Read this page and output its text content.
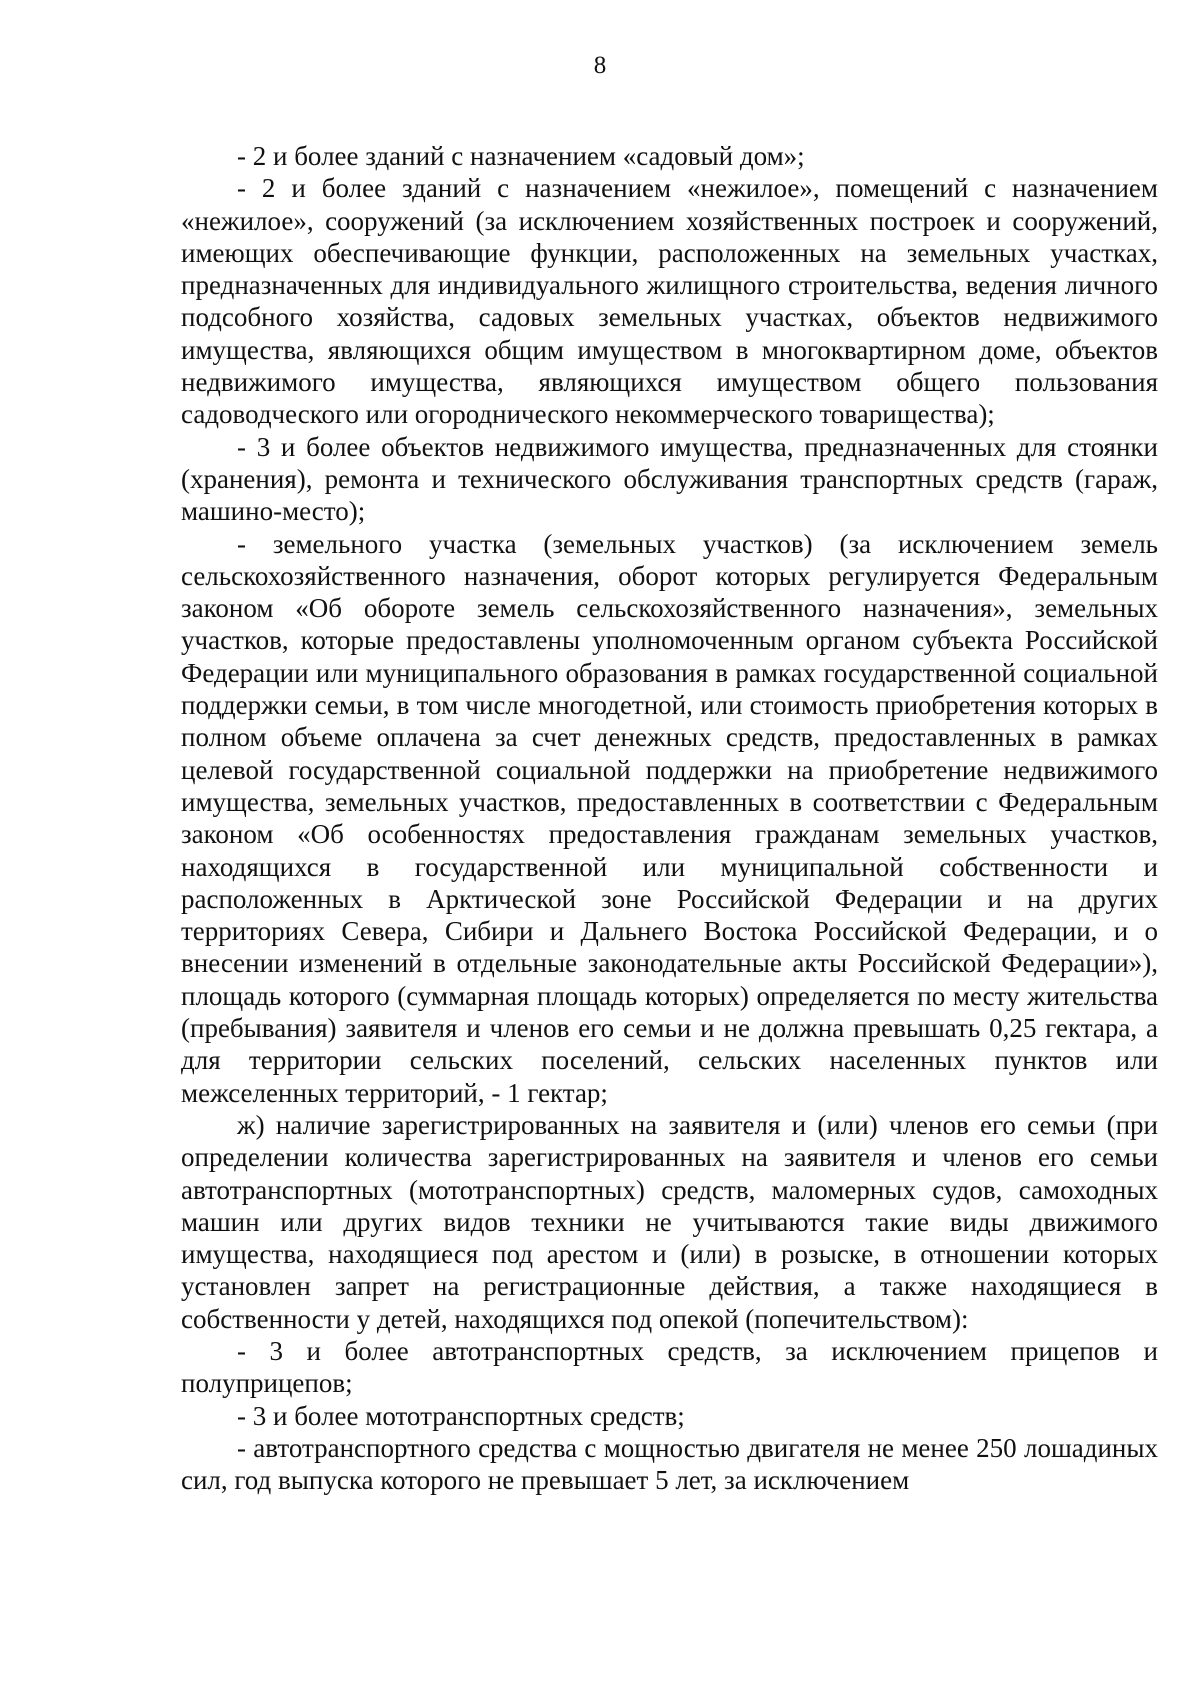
8

- 2 и более зданий с назначением «садовый дом»;

- 2 и более зданий с назначением «нежилое», помещений с назначением «нежилое», сооружений (за исключением хозяйственных построек и сооружений, имеющих обеспечивающие функции, расположенных на земельных участках, предназначенных для индивидуального жилищного строительства, ведения личного подсобного хозяйства, садовых земельных участках, объектов недвижимого имущества, являющихся общим имуществом в многоквартирном доме, объектов недвижимого имущества, являющихся имуществом общего пользования садоводческого или огороднического некоммерческого товарищества);

- 3 и более объектов недвижимого имущества, предназначенных для стоянки (хранения), ремонта и технического обслуживания транспортных средств (гараж, машино-место);

- земельного участка (земельных участков) (за исключением земель сельскохозяйственного назначения, оборот которых регулируется Федеральным законом «Об обороте земель сельскохозяйственного назначения», земельных участков, которые предоставлены уполномоченным органом субъекта Российской Федерации или муниципального образования в рамках государственной социальной поддержки семьи, в том числе многодетной, или стоимость приобретения которых в полном объеме оплачена за счет денежных средств, предоставленных в рамках целевой государственной социальной поддержки на приобретение недвижимого имущества, земельных участков, предоставленных в соответствии с Федеральным законом «Об особенностях предоставления гражданам земельных участков, находящихся в государственной или муниципальной собственности и расположенных в Арктической зоне Российской Федерации и на других территориях Севера, Сибири и Дальнего Востока Российской Федерации, и о внесении изменений в отдельные законодательные акты Российской Федерации»), площадь которого (суммарная площадь которых) определяется по месту жительства (пребывания) заявителя и членов его семьи и не должна превышать 0,25 гектара, а для территории сельских поселений, сельских населенных пунктов или межселенных территорий, - 1 гектар;

ж) наличие зарегистрированных на заявителя и (или) членов его семьи (при определении количества зарегистрированных на заявителя и членов его семьи автотранспортных (мототранспортных) средств, маломерных судов, самоходных машин или других видов техники не учитываются такие виды движимого имущества, находящиеся под арестом и (или) в розыске, в отношении которых установлен запрет на регистрационные действия, а также находящиеся в собственности у детей, находящихся под опекой (попечительством):

- 3 и более автотранспортных средств, за исключением прицепов и полуприцепов;

- 3 и более мототранспортных средств;

- автотранспортного средства с мощностью двигателя не менее 250 лошадиных сил, год выпуска которого не превышает 5 лет, за исключением
